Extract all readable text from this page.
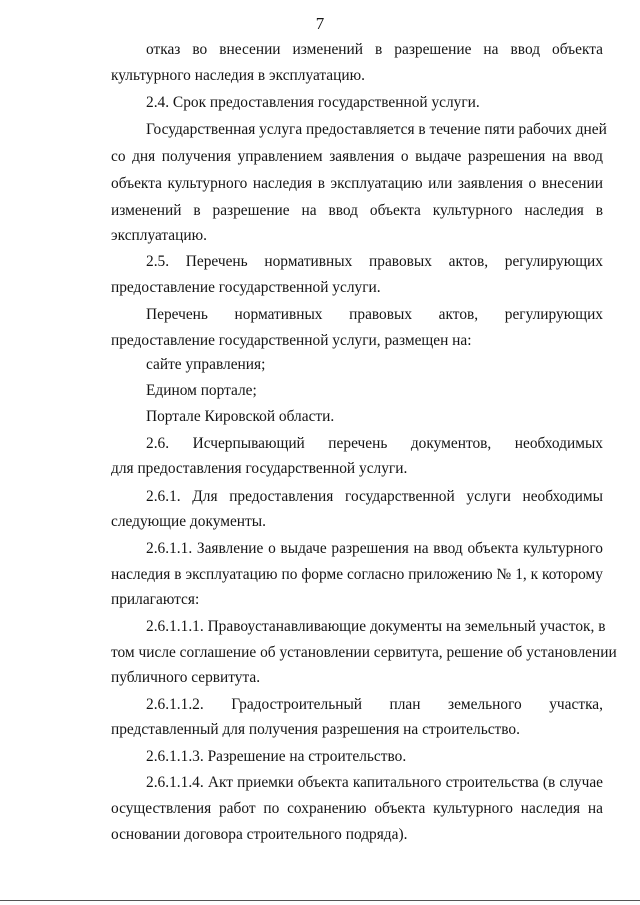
7
отказ во внесении изменений в разрешение на ввод объекта
культурного наследия в эксплуатацию.
2.4. Срок предоставления государственной услуги.
Государственная услуга предоставляется в течение пяти рабочих дней
со дня получения управлением заявления о выдаче разрешения на ввод
объекта культурного наследия в эксплуатацию или заявления о внесении
изменений в разрешение на ввод объекта культурного наследия в
эксплуатацию.
2.5. Перечень нормативных правовых актов, регулирующих
предоставление государственной услуги.
Перечень нормативных правовых актов, регулирующих
предоставление государственной услуги, размещен на:
сайте управления;
Едином портале;
Портале Кировской области.
2.6. Исчерпывающий перечень документов, необходимых
для предоставления государственной услуги.
2.6.1. Для предоставления государственной услуги необходимы
следующие документы.
2.6.1.1. Заявление о выдаче разрешения на ввод объекта культурного
наследия в эксплуатацию по форме согласно приложению № 1, к которому
прилагаются:
2.6.1.1.1. Правоустанавливающие документы на земельный участок, в
том числе соглашение об установлении сервитута, решение об установлении
публичного сервитута.
2.6.1.1.2. Градостроительный план земельного участка,
представленный для получения разрешения на строительство.
2.6.1.1.3. Разрешение на строительство.
2.6.1.1.4. Акт приемки объекта капитального строительства (в случае
осуществления работ по сохранению объекта культурного наследия на
основании договора строительного подряда).
